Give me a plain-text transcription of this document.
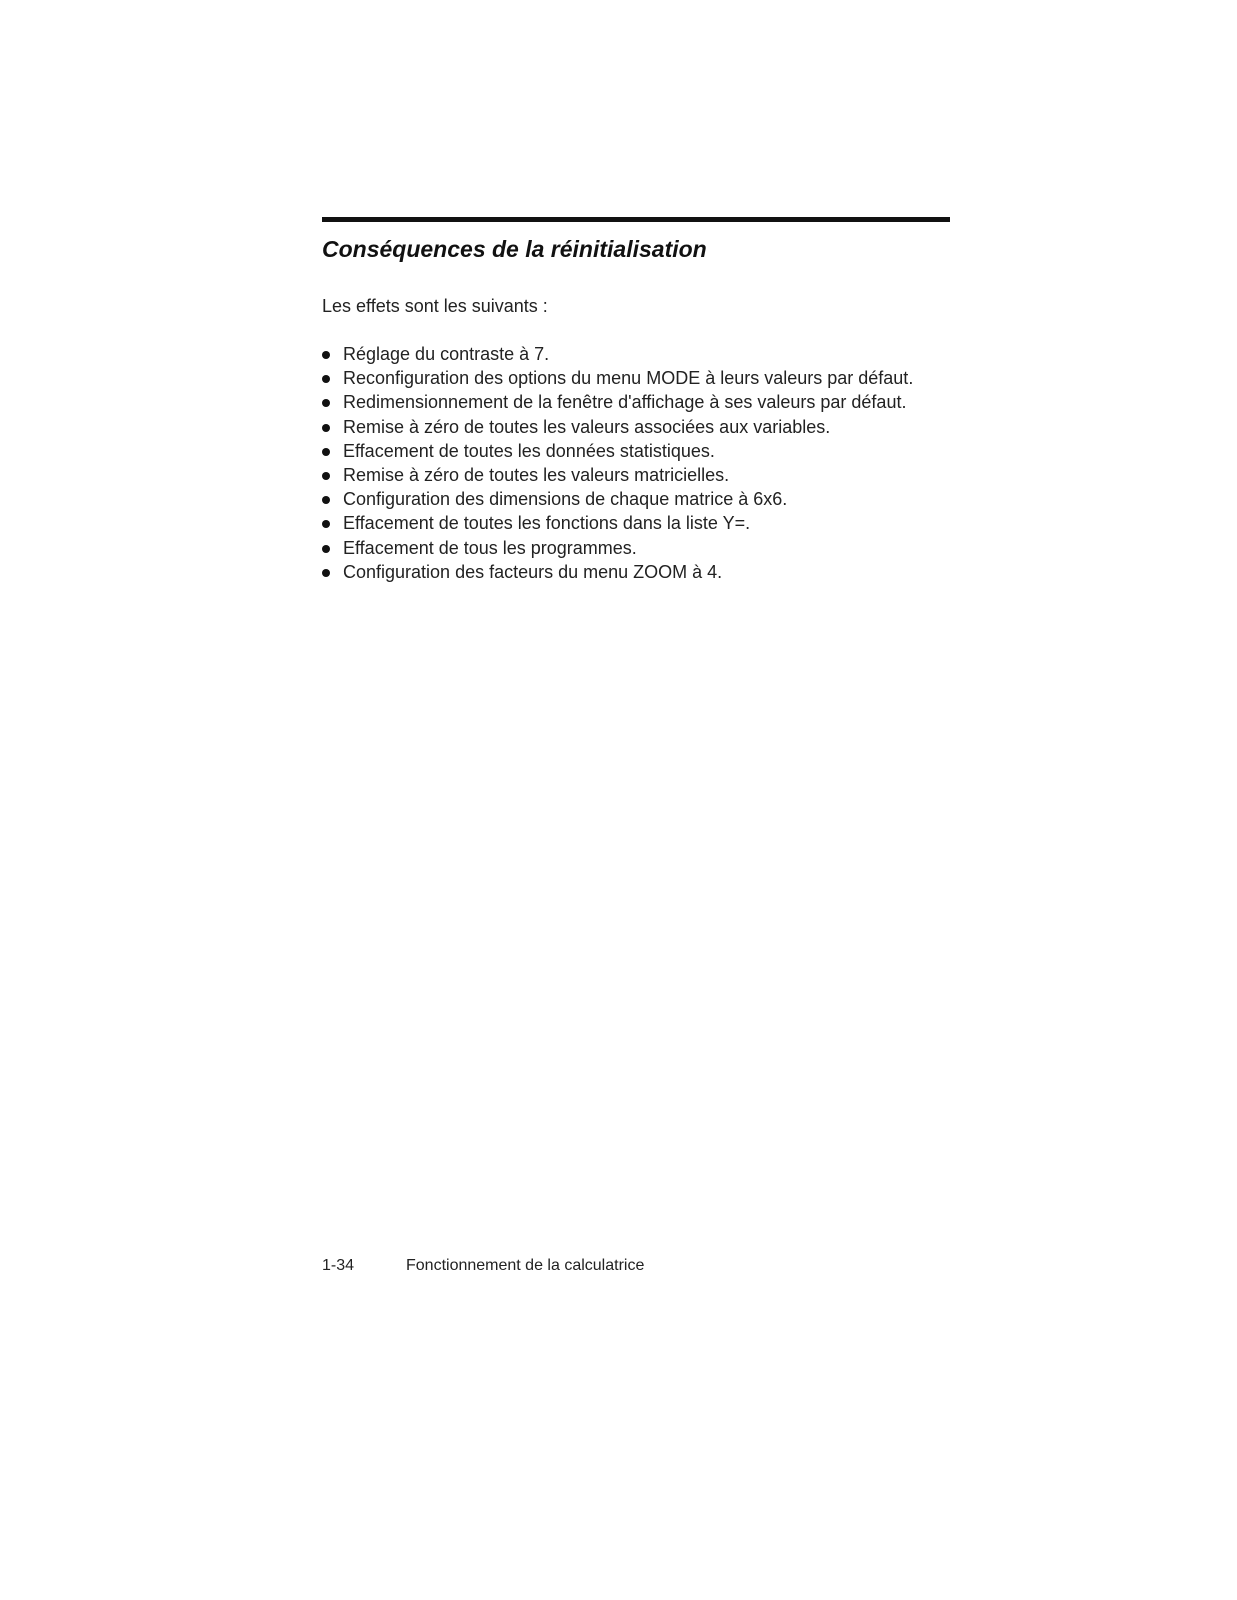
Conséquences de la réinitialisation

Les effets sont les suivants :

Réglage du contraste à 7.
Reconfiguration des options du menu MODE à leurs valeurs par défaut.
Redimensionnement de la fenêtre d'affichage à ses valeurs par défaut.
Remise à zéro de toutes les valeurs associées aux variables.
Effacement de toutes les données statistiques.
Remise à zéro de toutes les valeurs matricielles.
Configuration des dimensions de chaque matrice à 6x6.
Effacement de toutes les fonctions dans la liste Y=.
Effacement de tous les programmes.
Configuration des facteurs du menu ZOOM à 4.
1-34	Fonctionnement de la calculatrice
